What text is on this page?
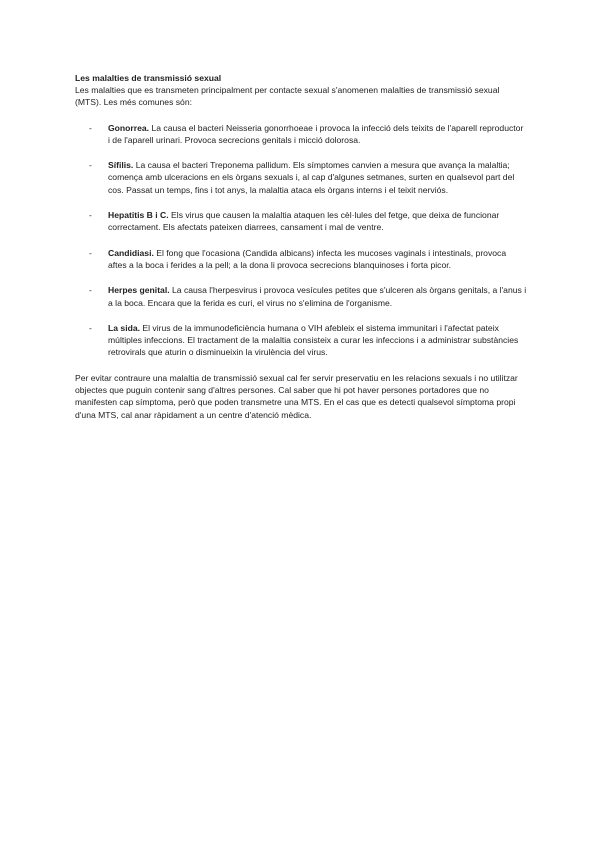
Les malalties de transmissió sexual

Les malalties que es transmeten principalment per contacte sexual s'anomenen malalties de transmissió sexual (MTS). Les més comunes són:

-	Gonorrea. La causa el bacteri Neisseria gonorrhoeae i provoca la infecció dels teixits de l'aparell reproductor i de l'aparell urinari. Provoca secrecions genitals i micció dolorosa.
-	Sífilis. La causa el bacteri Treponema pallidum. Els símptomes canvien a mesura que avança la malaltia; comença amb ulceracions en els òrgans sexuals i, al cap d'algunes setmanes, surten en qualsevol part del cos. Passat un temps, fins i tot anys, la malaltia ataca els òrgans interns i el teixit nerviós.
-	Hepatitis B i C. Els virus que causen la malaltia ataquen les cèl·lules del fetge, que deixa de funcionar correctament. Els afectats pateixen diarrees, cansament i mal de ventre.
-	Candidiasi. El fong que l'ocasiona (Candida albicans) infecta les mucoses vaginals i intestinals, provoca aftes a la boca i ferides a la pell; a la dona li provoca secrecions blanquinoses i forta picor.
-	Herpes genital. La causa l'herpesvirus i provoca vesícules petites que s'ulceren als òrgans genitals, a l'anus i a la boca. Encara que la ferida es curi, el virus no s'elimina de l'organisme.
-	La sida. El virus de la immunodeficiència humana o VIH afebleix el sistema immunitari i l'afectat pateix múltiples infeccions. El tractament de la malaltia consisteix a curar les infeccions i a administrar substàncies retrovirals que aturin o disminueixin la virulència del virus.

Per evitar contraure una malaltia de transmissió sexual cal fer servir preservatiu en les relacions sexuals i no utilitzar objectes que puguin contenir sang d'altres persones. Cal saber que hi pot haver persones portadores que no manifesten cap símptoma, però que poden transmetre una MTS. En el cas que es detecti qualsevol símptoma propi d'una MTS, cal anar ràpidament a un centre d'atenció mèdica.
